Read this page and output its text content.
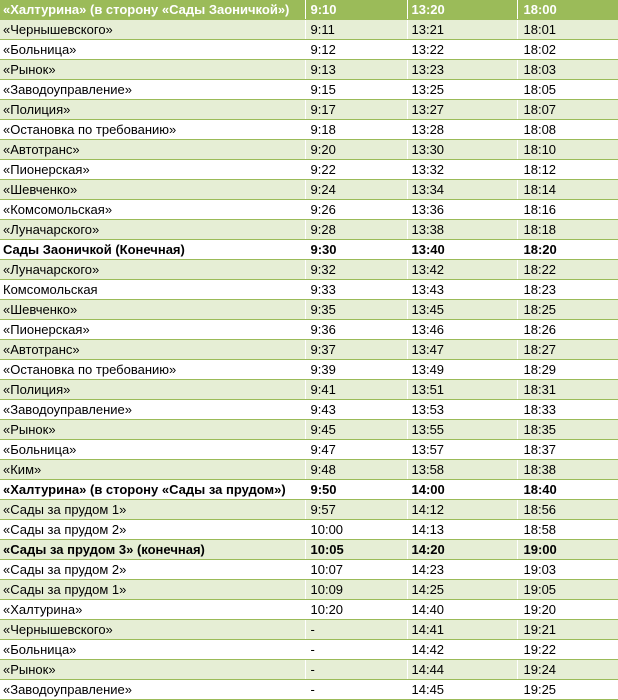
«Халтурина» (в сторону «Сады Заоничкой»)	9:10	13:20	18:00
«Чернышевского»	9:11	13:21	18:01
«Больница»	9:12	13:22	18:02
«Рынок»	9:13	13:23	18:03
«Заводоуправление»	9:15	13:25	18:05
«Полиция»	9:17	13:27	18:07
«Остановка по требованию»	9:18	13:28	18:08
«Автотранс»	9:20	13:30	18:10
«Пионерская»	9:22	13:32	18:12
«Шевченко»	9:24	13:34	18:14
«Комсомольская»	9:26	13:36	18:16
«Луначарского»	9:28	13:38	18:18
Сады Заоничкой (Конечная)	9:30	13:40	18:20
«Луначарского»	9:32	13:42	18:22
Комсомольская	9:33	13:43	18:23
«Шевченко»	9:35	13:45	18:25
«Пионерская»	9:36	13:46	18:26
«Автотранс»	9:37	13:47	18:27
«Остановка по требованию»	9:39	13:49	18:29
«Полиция»	9:41	13:51	18:31
«Заводоуправление»	9:43	13:53	18:33
«Рынок»	9:45	13:55	18:35
«Больница»	9:47	13:57	18:37
«Ким»	9:48	13:58	18:38
«Халтурина» (в сторону «Сады за прудом»)	9:50	14:00	18:40
«Сады за прудом 1»	9:57	14:12	18:56
«Сады за прудом 2»	10:00	14:13	18:58
«Сады за прудом 3» (конечная)	10:05	14:20	19:00
«Сады за прудом 2»	10:07	14:23	19:03
«Сады за прудом 1»	10:09	14:25	19:05
«Халтурина»	10:20	14:40	19:20
«Чернышевского»	-	14:41	19:21
«Больница»	-	14:42	19:22
«Рынок»	-	14:44	19:24
«Заводоуправление»	-	14:45	19:25
